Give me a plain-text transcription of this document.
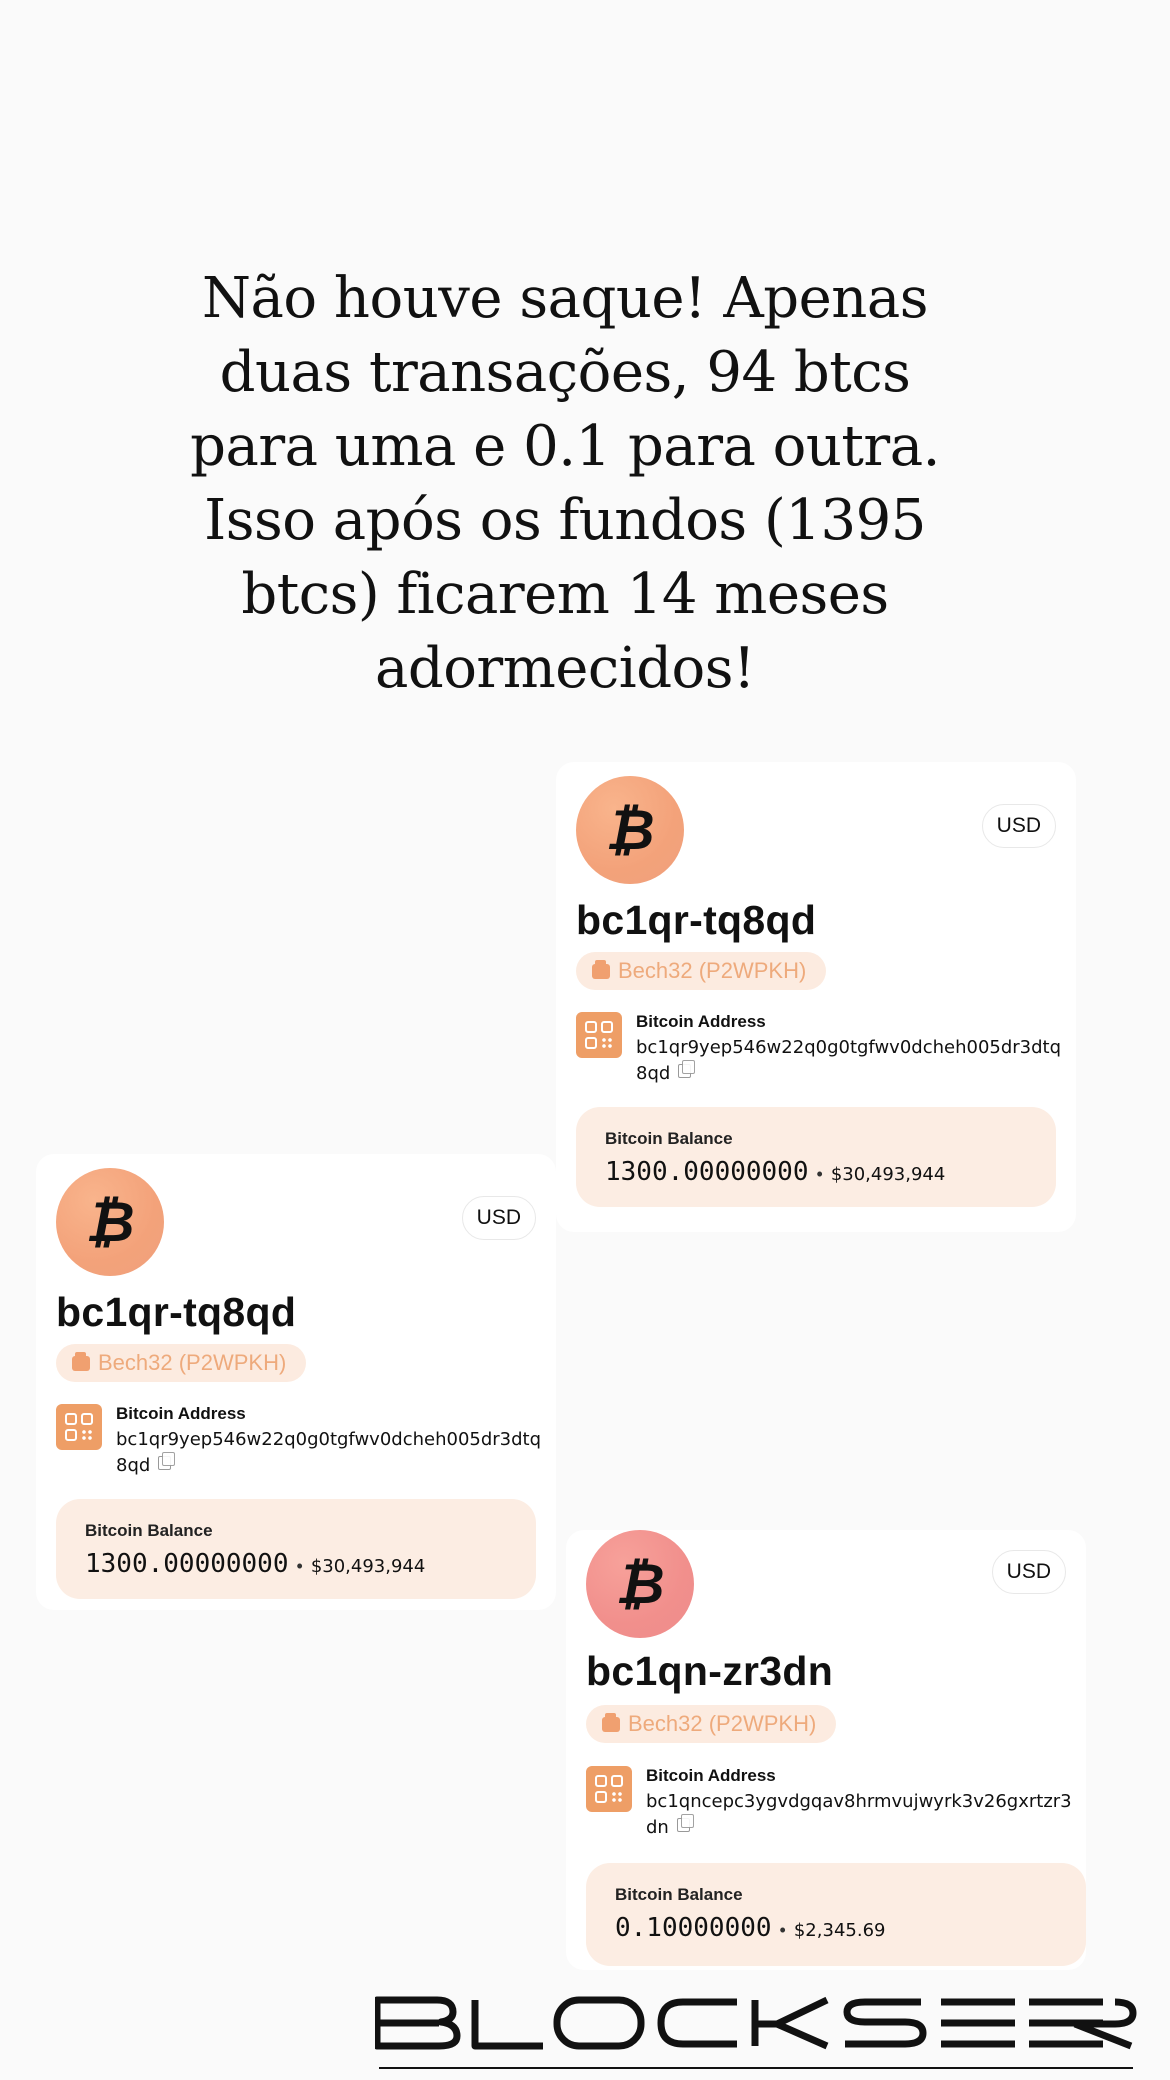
Não houve saque! Apenas duas transações, 94 btcs para uma e 0.1 para outra. Isso após os fundos (1395 btcs) ficarem 14 meses adormecidos!
₿	USD
bc1qr-tq8qd
Bech32 (P2WPKH)
Bitcoin Address
bc1qr9yep546w22q0g0tgfwv0dcheh005dr3dtq8qd
Bitcoin Balance
1300.00000000 • $30,493,944
₿	USD
bc1qr-tq8qd
Bech32 (P2WPKH)
Bitcoin Address
bc1qr9yep546w22q0g0tgfwv0dcheh005dr3dtq8qd
Bitcoin Balance
1300.00000000 • $30,493,944	₿	USD
bc1qn-zr3dn
Bech32 (P2WPKH)
Bitcoin Address
bc1qncepc3ygvdgqav8hrmvujwyrk3v26gxrtzr3dn
Bitcoin Balance
0.10000000 • $2,345.69
